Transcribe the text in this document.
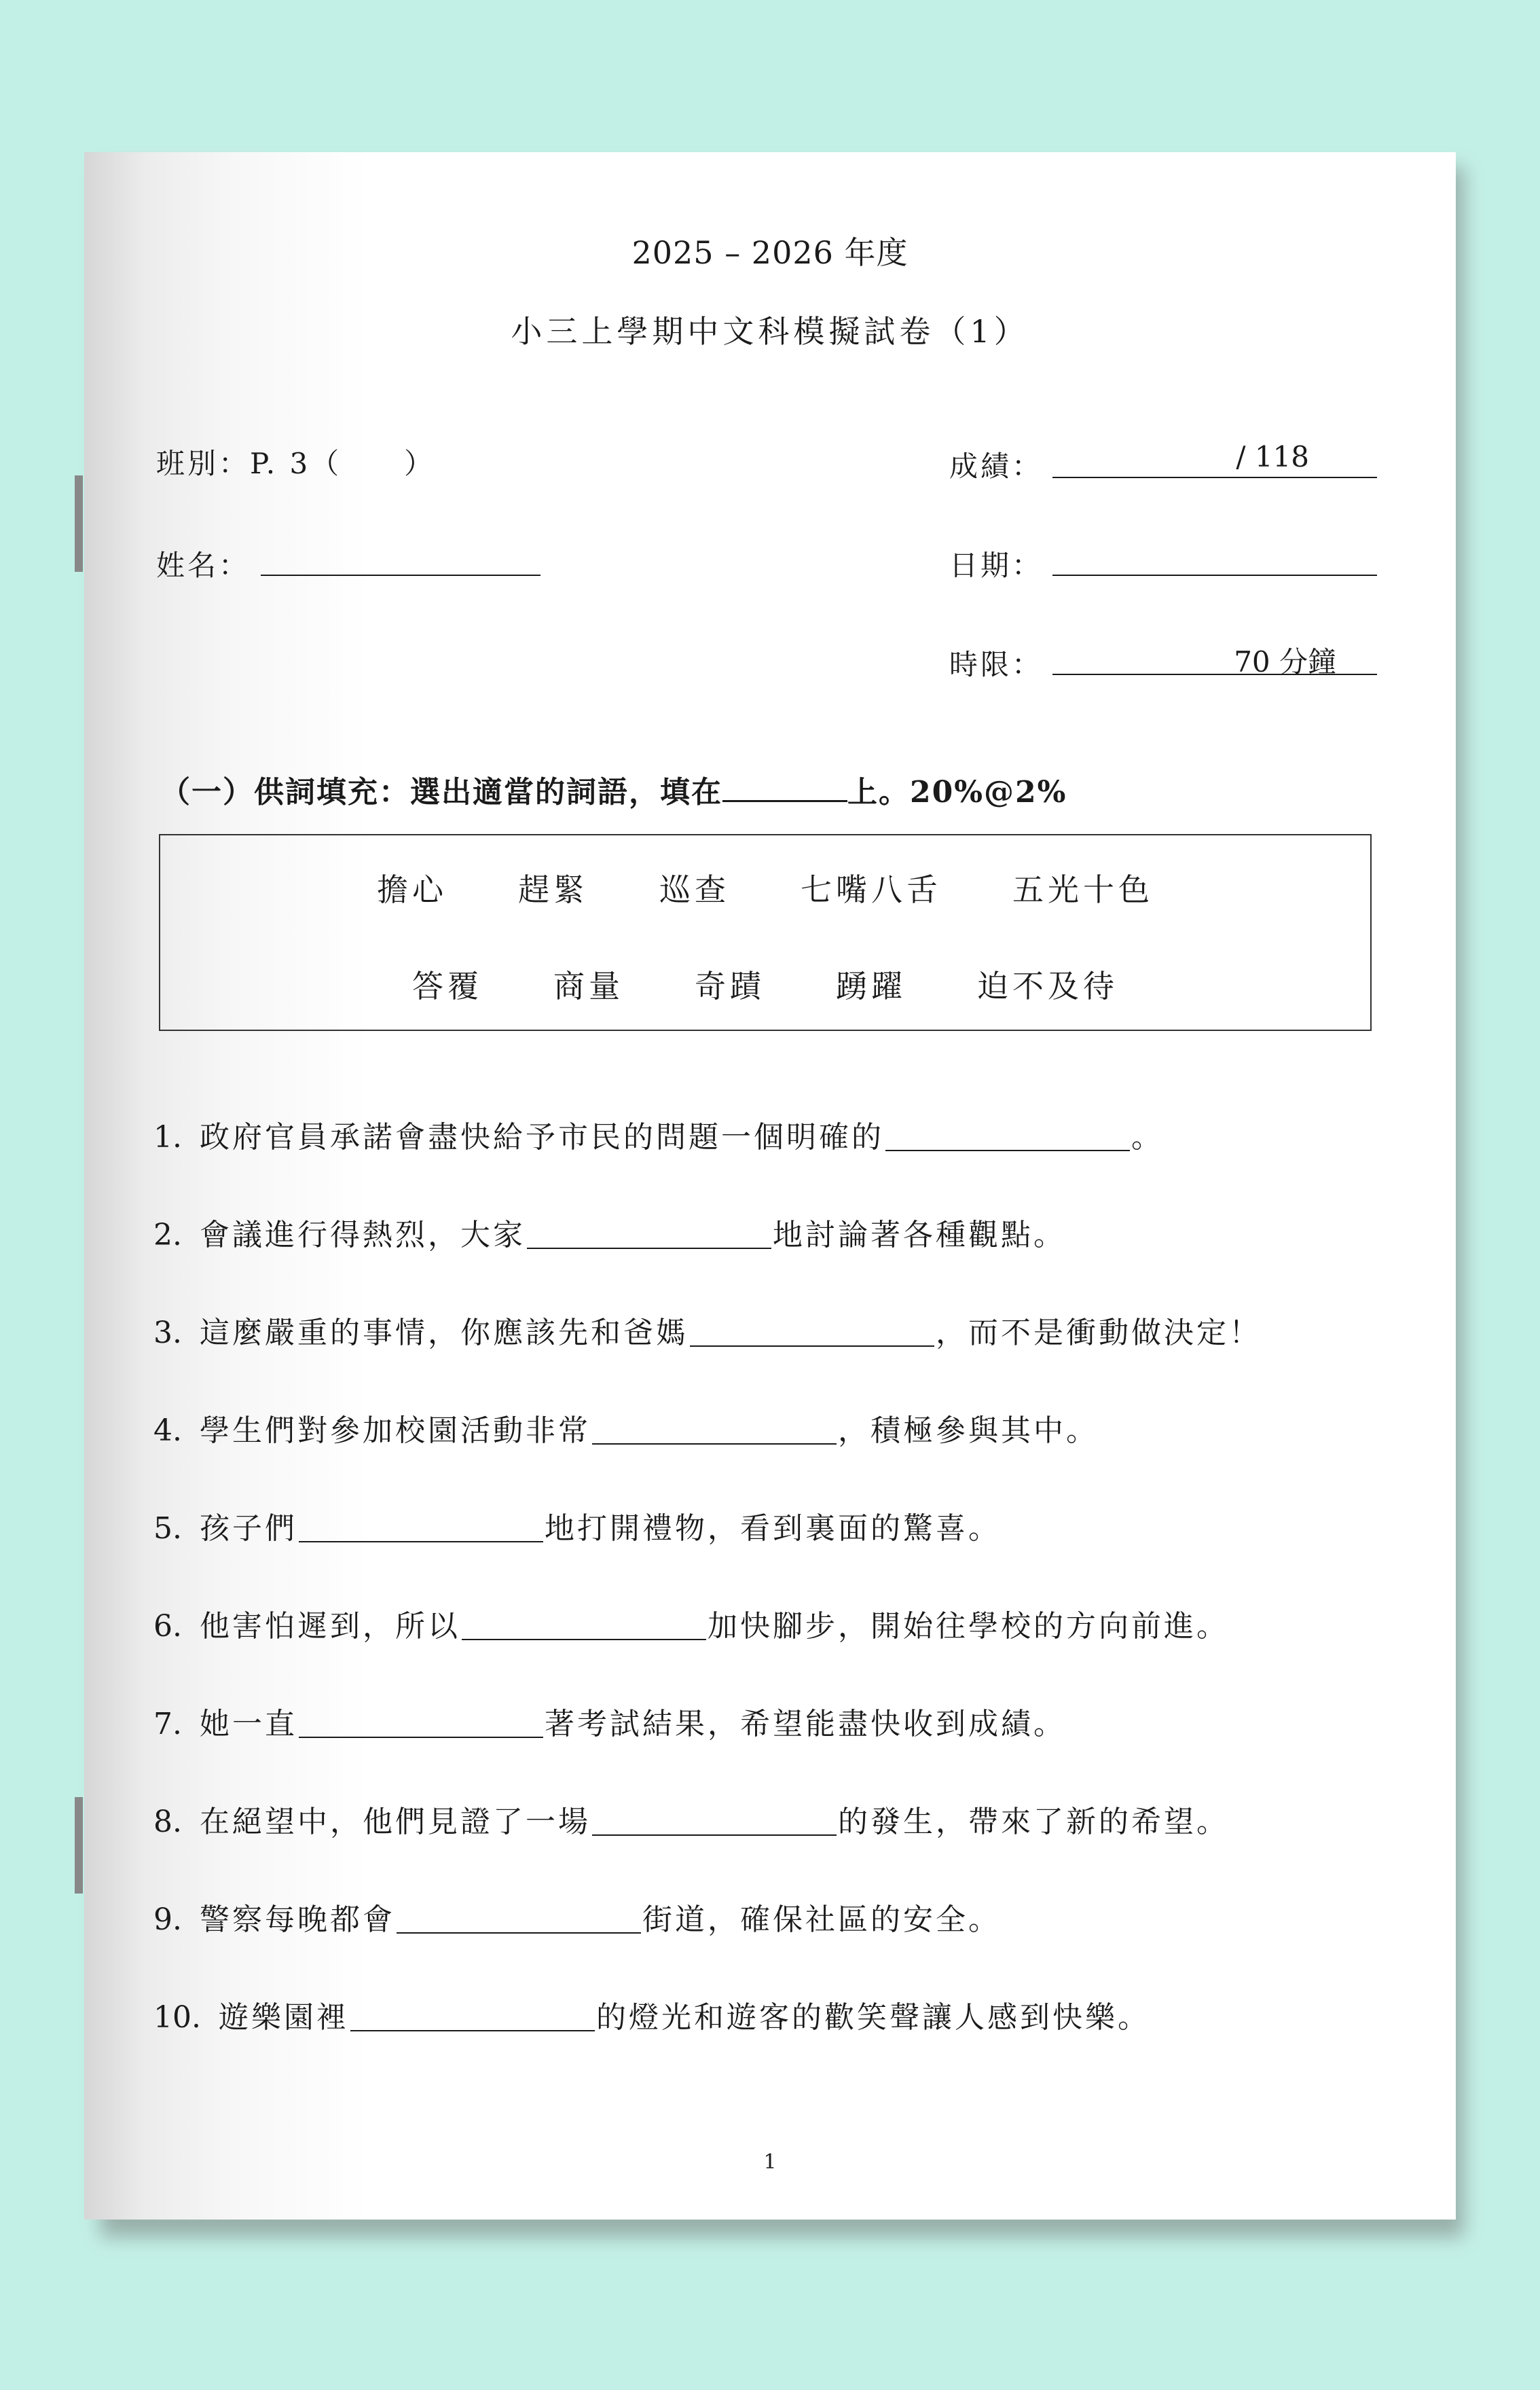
2025 – 2026 年度
小三上學期中文科模擬試卷（1）
班別：P. 3（　　）	成績：	/ 118
姓名：	日期：
時限：	70 分鐘
（一）供詞填充：選出適當的詞語，填在	上。20%@2%
擔心 趕緊 巡查 七嘴八舌 五光十色
答覆 商量 奇蹟 踴躍 迫不及待
1. 政府官員承諾會盡快給予市民的問題一個明確的	。
2. 會議進行得熱烈，大家	地討論著各種觀點。
3. 這麼嚴重的事情，你應該先和爸媽	，而不是衝動做決定！
4. 學生們對參加校園活動非常	，積極參與其中。
5. 孩子們	地打開禮物，看到裏面的驚喜。
6. 他害怕遲到，所以	加快腳步，開始往學校的方向前進。
7. 她一直	著考試結果，希望能盡快收到成績。
8. 在絕望中，他們見證了一場	的發生，帶來了新的希望。
9. 警察每晚都會	街道，確保社區的安全。
10. 遊樂園裡	的燈光和遊客的歡笑聲讓人感到快樂。
1
